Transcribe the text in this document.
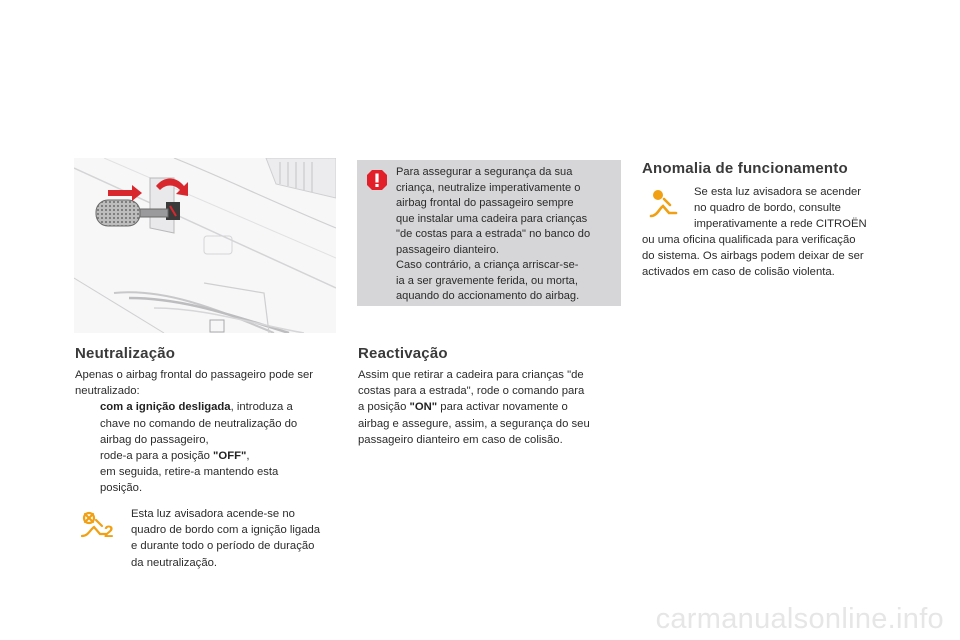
Neutralização
Apenas o airbag frontal do passageiro pode ser
neutralizado:
com a ignição desligada, introduza a
chave no comando de neutralização do
airbag do passageiro,
rode-a para a posição "OFF",
em seguida, retire-a mantendo esta
posição.
2
Esta luz avisadora acende-se no
quadro de bordo com a ignição ligada
e durante todo o período de duração
da neutralização.
Para assegurar a segurança da sua
criança, neutralize imperativamente o
airbag frontal do passageiro sempre
que instalar uma cadeira para crianças
"de costas para a estrada" no banco do
passageiro dianteiro.
Caso contrário, a criança arriscar-se-
ia a ser gravemente ferida, ou morta,
aquando do accionamento do airbag.
Reactivação
Assim que retirar a cadeira para crianças "de
costas para a estrada", rode o comando para
a posição "ON" para activar novamente o
airbag e assegure, assim, a segurança do seu
passageiro dianteiro em caso de colisão.
Anomalia de funcionamento
Se esta luz avisadora se acender
no quadro de bordo, consulte
imperativamente a rede CITROËN
ou uma oficina qualificada para verificação
do sistema. Os airbags podem deixar de ser
activados em caso de colisão violenta.
carmanualsonline.info
